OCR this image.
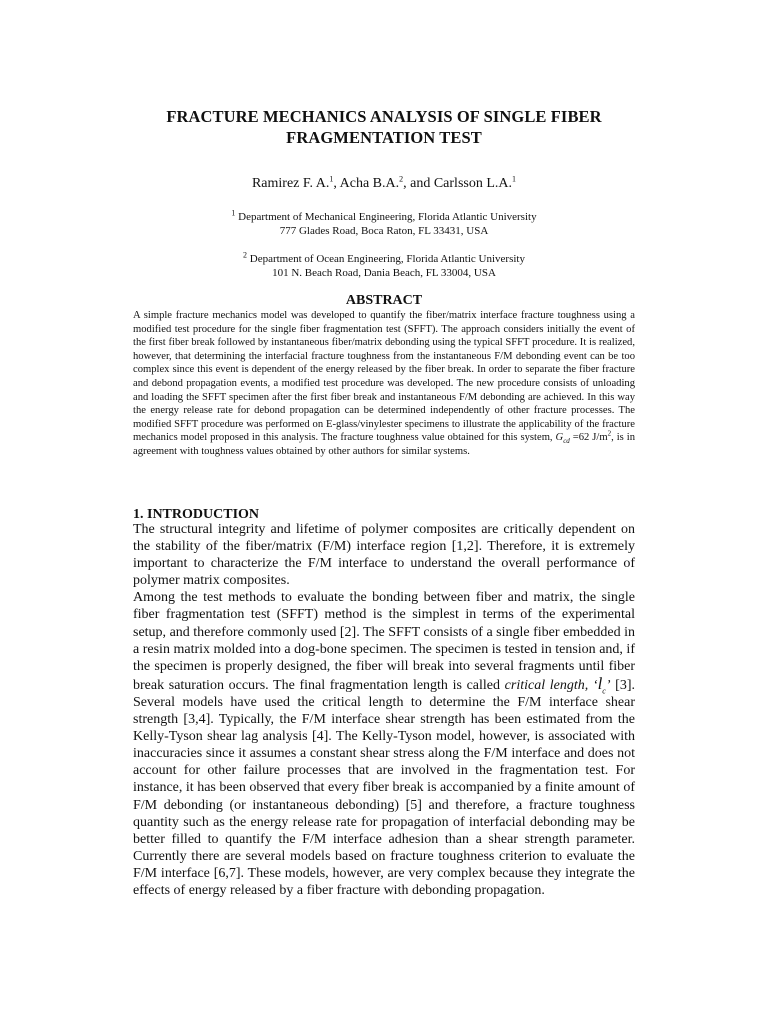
FRACTURE MECHANICS ANALYSIS OF SINGLE FIBER
FRAGMENTATION TEST
Ramirez F. A.$^1$, Acha B.A.$^2$, and Carlsson L.A.$^1$
$^1$ Department of Mechanical Engineering, Florida Atlantic University
777 Glades Road, Boca Raton, FL 33431, USA
$^2$ Department of Ocean Engineering, Florida Atlantic University
101 N. Beach Road, Dania Beach, FL 33004, USA
ABSTRACT
A simple fracture mechanics model was developed to quantify the fiber/matrix interface fracture toughness using a modified test procedure for the single fiber fragmentation test (SFFT). The approach considers initially the event of the first fiber break followed by instantaneous fiber/matrix debonding using the typical SFFT procedure. It is realized, however, that determining the interfacial fracture toughness from the instantaneous F/M debonding event can be too complex since this event is dependent of the energy released by the fiber break. In order to separate the fiber fracture and debond propagation events, a modified test procedure was developed. The new procedure consists of unloading and loading the SFFT specimen after the first fiber break and instantaneous F/M debonding are achieved. In this way the energy release rate for debond propagation can be determined independently of other fracture processes. The modified SFFT procedure was performed on E-glass/vinylester specimens to illustrate the applicability of the fracture mechanics model proposed in this analysis. The fracture toughness value obtained for this system, $G_{cd} =62$ $J/m^2$, is in agreement with toughness values obtained by other authors for similar systems.
1. INTRODUCTION

The structural integrity and lifetime of polymer composites are critically dependent on the stability of the fiber/matrix (F/M) interface region [1,2]. Therefore, it is extremely important to characterize the F/M interface to understand the overall performance of polymer matrix composites.

Among the test methods to evaluate the bonding between fiber and matrix, the single fiber fragmentation test (SFFT) method is the simplest in terms of the experimental setup, and therefore commonly used [2]. The SFFT consists of a single fiber embedded in a resin matrix molded into a dog-bone specimen. The specimen is tested in tension and, if the specimen is properly designed, the fiber will break into several fragments until fiber break saturation occurs. The final fragmentation length is called critical length, ‘$l_c$’ [3]. Several models have used the critical length to determine the F/M interface shear strength [3,4]. Typically, the F/M interface shear strength has been estimated from the Kelly-Tyson shear lag analysis [4]. The Kelly-Tyson model, however, is associated with inaccuracies since it assumes a constant shear stress along the F/M interface and does not account for other failure processes that are involved in the fragmentation test. For instance, it has been observed that every fiber break is accompanied by a finite amount of F/M debonding (or instantaneous debonding) [5] and therefore, a fracture toughness quantity such as the energy release rate for propagation of interfacial debonding may be better filled to quantify the F/M interface adhesion than a shear strength parameter. Currently there are several models based on fracture toughness criterion to evaluate the F/M interface [6,7]. These models, however, are very complex because they integrate the effects of energy released by a fiber fracture with debonding propagation.
